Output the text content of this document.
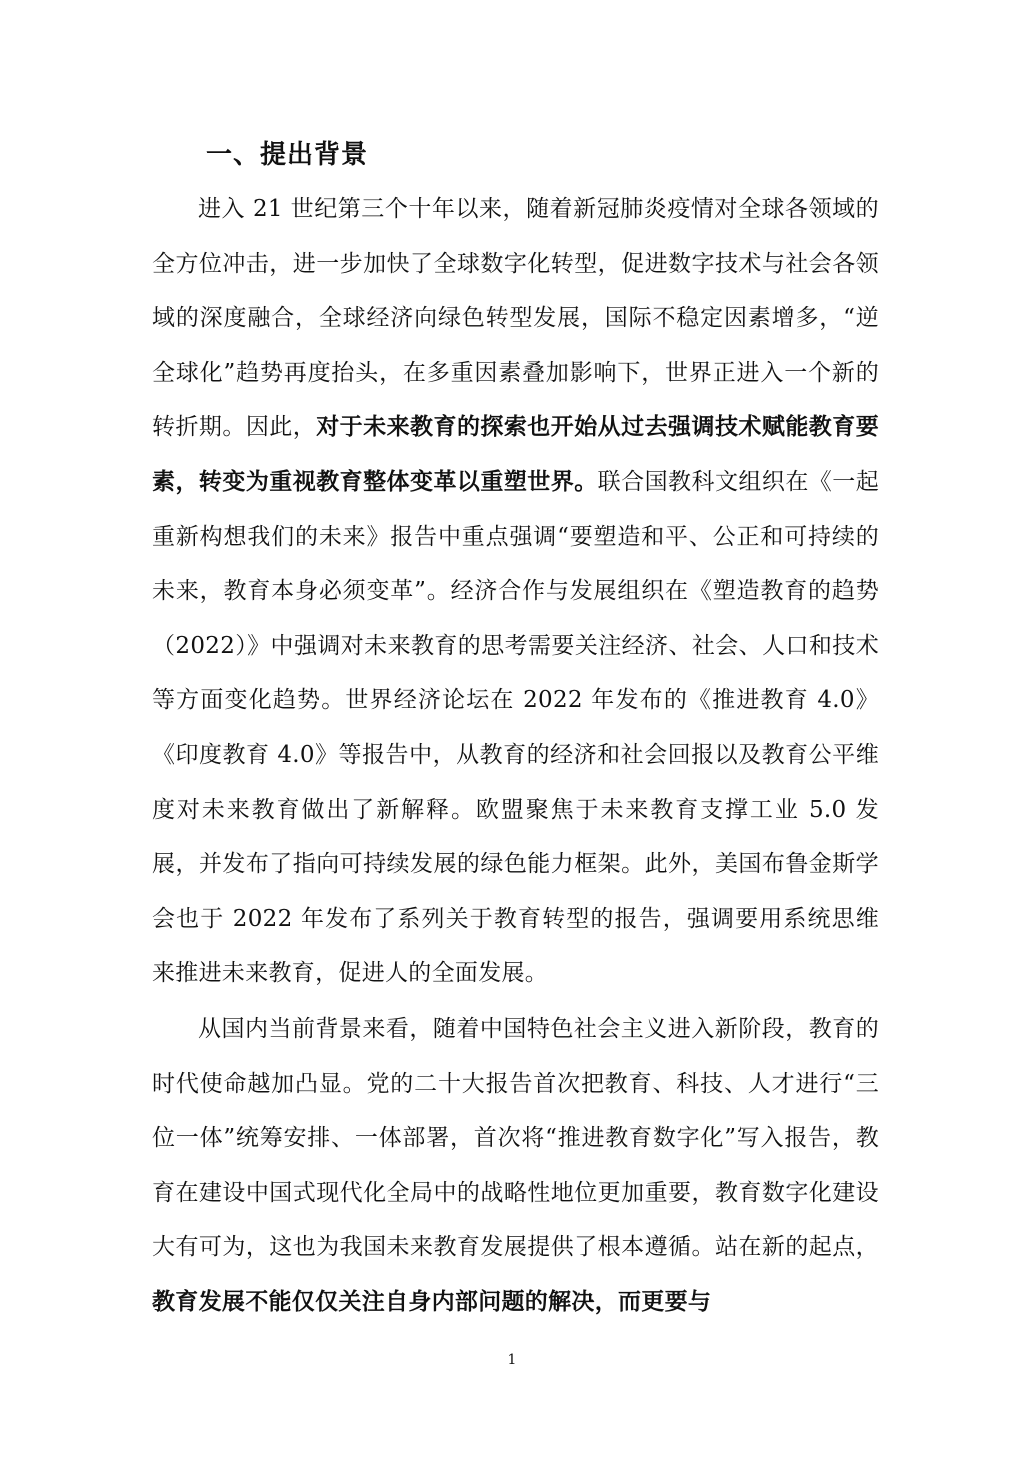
一、提出背景

进入 21 世纪第三个十年以来，随着新冠肺炎疫情对全球各领域的全方位冲击，进一步加快了全球数字化转型，促进数字技术与社会各领域的深度融合，全球经济向绿色转型发展，国际不稳定因素增多，“逆全球化”趋势再度抬头，在多重因素叠加影响下，世界正进入一个新的转折期。因此，对于未来教育的探索也开始从过去强调技术赋能教育要素，转变为重视教育整体变革以重塑世界。联合国教科文组织在《一起重新构想我们的未来》报告中重点强调“要塑造和平、公正和可持续的未来，教育本身必须变革”。经济合作与发展组织在《塑造教育的趋势（2022）》中强调对未来教育的思考需要关注经济、社会、人口和技术等方面变化趋势。世界经济论坛在 2022 年发布的《推进教育 4.0》《印度教育 4.0》等报告中，从教育的经济和社会回报以及教育公平维度对未来教育做出了新解释。欧盟聚焦于未来教育支撑工业 5.0 发展，并发布了指向可持续发展的绿色能力框架。此外，美国布鲁金斯学会也于 2022 年发布了系列关于教育转型的报告，强调要用系统思维来推进未来教育，促进人的全面发展。

从国内当前背景来看，随着中国特色社会主义进入新阶段，教育的时代使命越加凸显。党的二十大报告首次把教育、科技、人才进行“三位一体”统筹安排、一体部署，首次将“推进教育数字化”写入报告，教育在建设中国式现代化全局中的战略性地位更加重要，教育数字化建设大有可为，这也为我国未来教育发展提供了根本遵循。站在新的起点，教育发展不能仅仅关注自身内部问题的解决，而更要与

1
